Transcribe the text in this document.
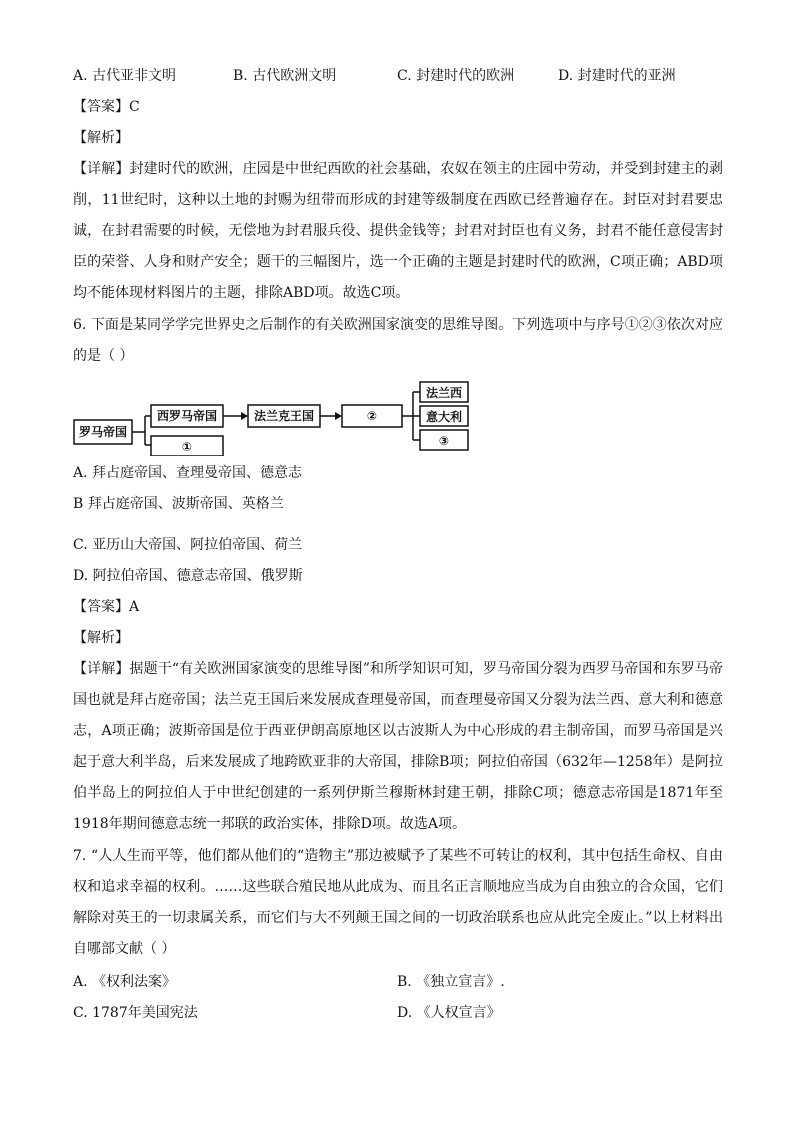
A. 古代亚非文明	B. 古代欧洲文明	C. 封建时代的欧洲	D. 封建时代的亚洲
【答案】C
【解析】
【详解】封建时代的欧洲，庄园是中世纪西欧的社会基础，农奴在领主的庄园中劳动，并受到封建主的剥削，11世纪时，这种以土地的封赐为纽带而形成的封建等级制度在西欧已经普遍存在。封臣对封君要忠诚，在封君需要的时候，无偿地为封君服兵役、提供金钱等；封君对封臣也有义务，封君不能任意侵害封臣的荣誉、人身和财产安全；题干的三幅图片，选一个正确的主题是封建时代的欧洲，C项正确；ABD项均不能体现材料图片的主题，排除ABD项。故选C项。
6. 下面是某同学学完世界史之后制作的有关欧洲国家演变的思维导图。下列选项中与序号①②③依次对应的是（ ）
罗马帝国
西罗马帝国
①
法兰克王国	②
法兰西
意大利
③
A. 拜占庭帝国、查理曼帝国、德意志
B 拜占庭帝国、波斯帝国、英格兰
C. 亚历山大帝国、阿拉伯帝国、荷兰
D. 阿拉伯帝国、德意志帝国、俄罗斯
【答案】A
【解析】
【详解】据题干“有关欧洲国家演变的思维导图”和所学知识可知，罗马帝国分裂为西罗马帝国和东罗马帝国也就是拜占庭帝国；法兰克王国后来发展成查理曼帝国，而查理曼帝国又分裂为法兰西、意大利和德意志，A项正确；波斯帝国是位于西亚伊朗高原地区以古波斯人为中心形成的君主制帝国，而罗马帝国是兴起于意大利半岛，后来发展成了地跨欧亚非的大帝国，排除B项；阿拉伯帝国（632年—1258年）是阿拉伯半岛上的阿拉伯人于中世纪创建的一系列伊斯兰穆斯林封建王朝，排除C项；德意志帝国是1871年至1918年期间德意志统一邦联的政治实体，排除D项。故选A项。
7. “人人生而平等，他们都从他们的“造物主”那边被赋予了某些不可转让的权利，其中包括生命权、自由权和追求幸福的权利。……这些联合殖民地从此成为、而且名正言顺地应当成为自由独立的合众国，它们解除对英王的一切隶属关系，而它们与大不列颠王国之间的一切政治联系也应从此完全废止。”以上材料出自哪部文献（ ）
A. 《权利法案》	B. 《独立宣言》.
C. 1787年美国宪法	D. 《人权宣言》
